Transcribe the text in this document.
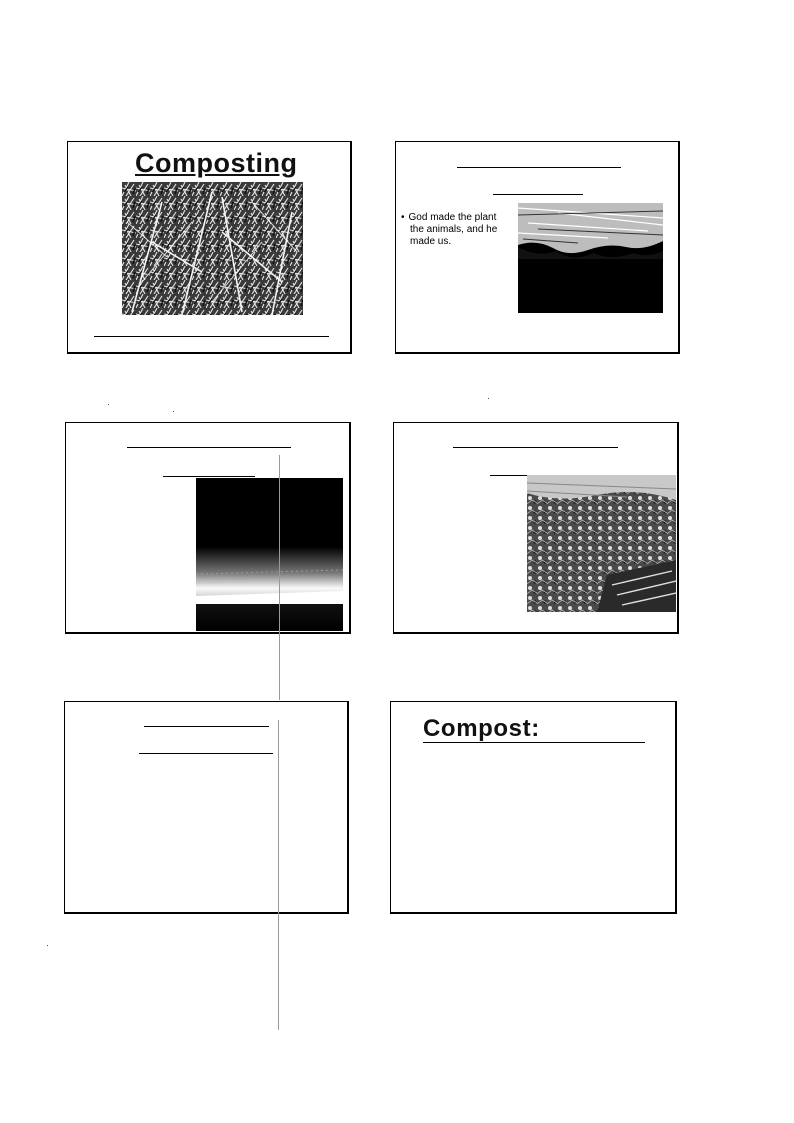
Composting
• God made the plant
the animals, and he
made us.
Compost:
